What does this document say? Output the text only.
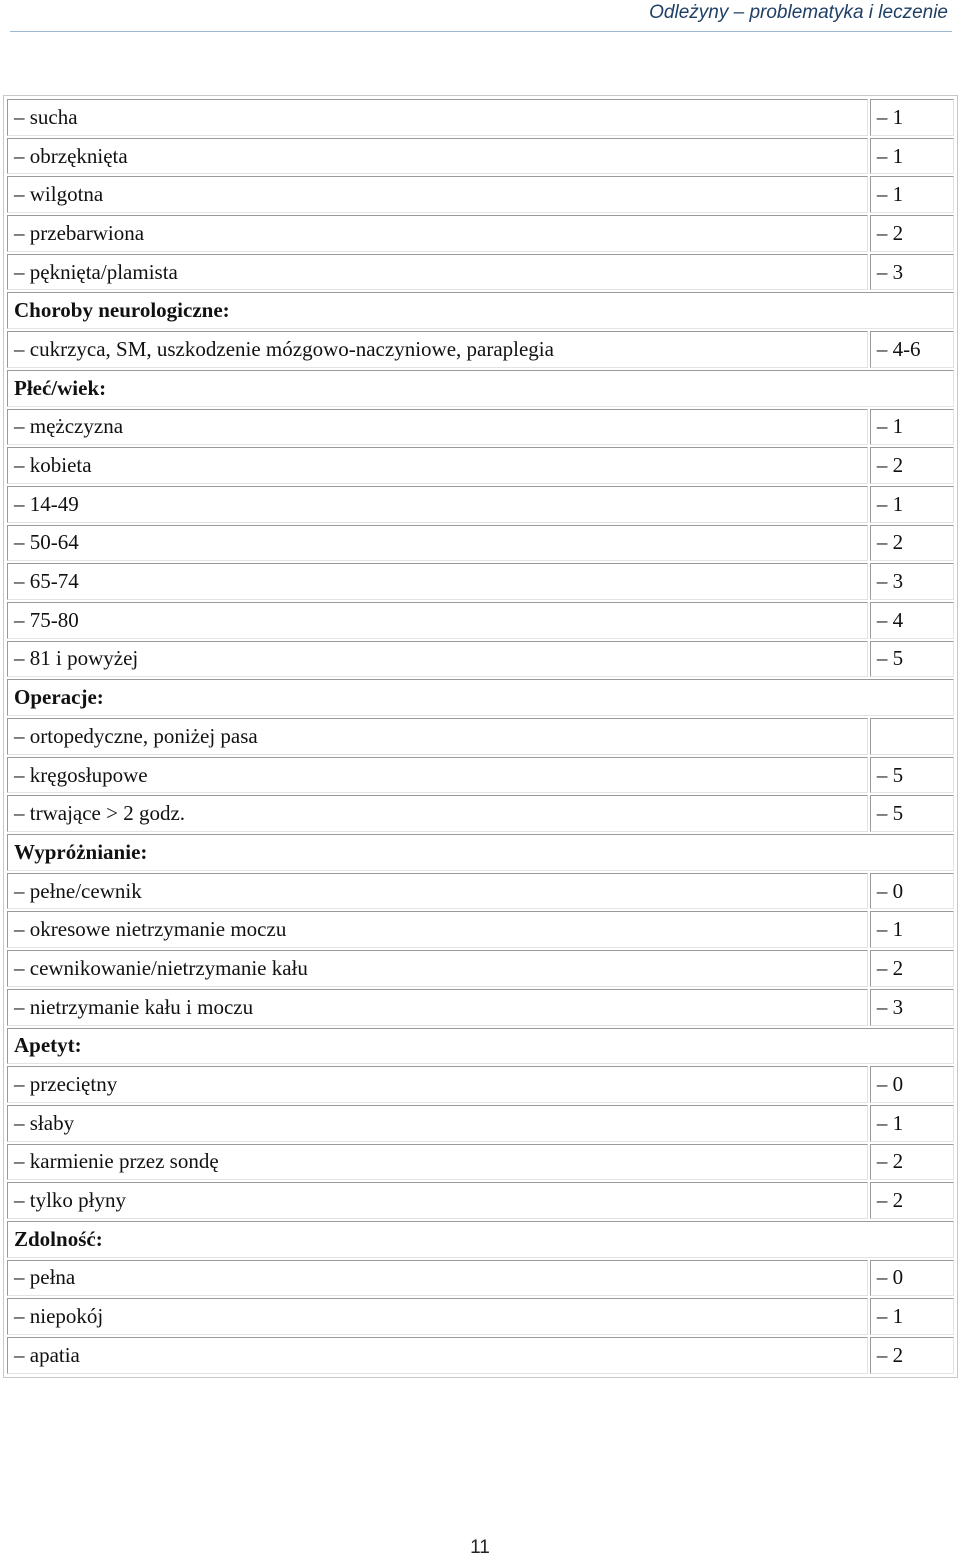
Odleżyny – problematyka i leczenie
– sucha	– 1
– obrzęknięta	– 1
– wilgotna	– 1
– przebarwiona	– 2
– pęknięta/plamista	– 3
Choroby neurologiczne:	
– cukrzyca, SM, uszkodzenie mózgowo-naczyniowe, paraplegia	– 4-6
Płeć/wiek:	
– mężczyzna	– 1
– kobieta	– 2
– 14-49	– 1
– 50-64	– 2
– 65-74	– 3
– 75-80	– 4
– 81 i powyżej	– 5
Operacje:	
– ortopedyczne, poniżej pasa	
– kręgosłupowe	– 5
– trwające > 2 godz.	– 5
Wypróżnianie:	
– pełne/cewnik	– 0
– okresowe nietrzymanie moczu	– 1
– cewnikowanie/nietrzymanie kału	– 2
– nietrzymanie kału i moczu	– 3
Apetyt:	
– przeciętny	– 0
– słaby	– 1
– karmienie przez sondę	– 2
– tylko płyny	– 2
Zdolność:	
– pełna	– 0
– niepokój	– 1
– apatia	– 2
11
